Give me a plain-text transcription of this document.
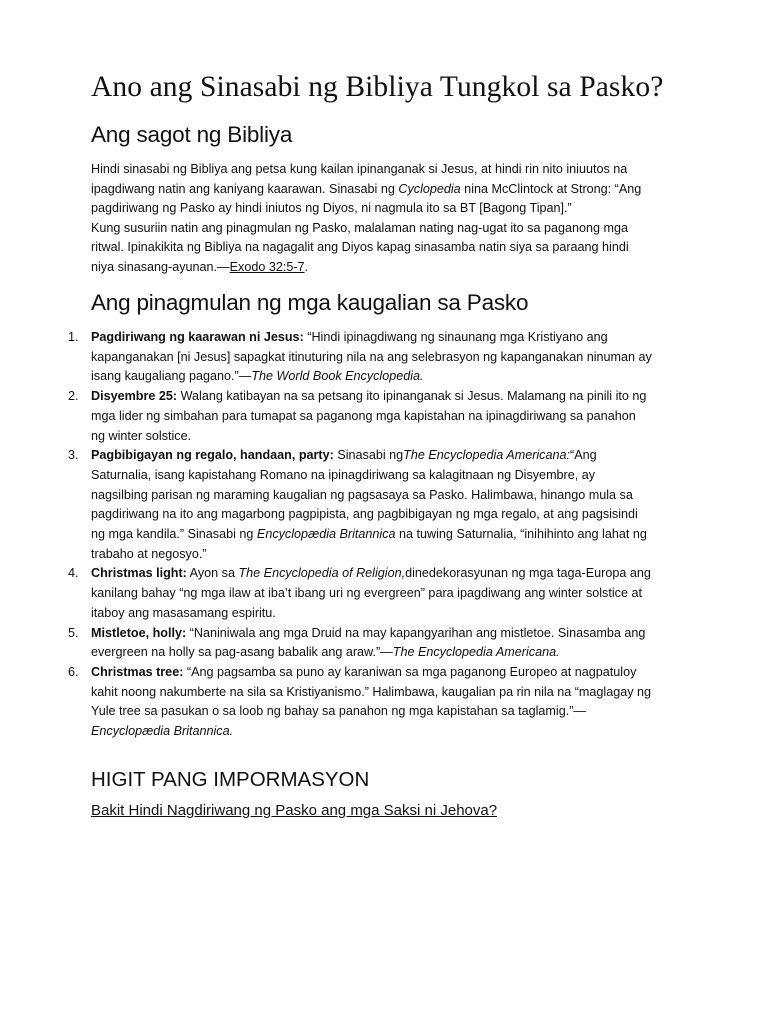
Ano ang Sinasabi ng Bibliya Tungkol sa Pasko?
Ang sagot ng Bibliya

Hindi sinasabi ng Bibliya ang petsa kung kailan ipinanganak si Jesus, at hindi rin nito iniuutos na
ipagdiwang natin ang kaniyang kaarawan. Sinasabi ng Cyclopedia nina McClintock at Strong: “Ang
pagdiriwang ng Pasko ay hindi iniutos ng Diyos, ni nagmula ito sa BT [Bagong Tipan].”
Kung susuriin natin ang pinagmulan ng Pasko, malalaman nating nag-ugat ito sa paganong mga
ritwal. Ipinakikita ng Bibliya na nagagalit ang Diyos kapag sinasamba natin siya sa paraang hindi
niya sinasang-ayunan.—Exodo 32:5-7.

Ang pinagmulan ng mga kaugalian sa Pasko
1. Pagdiriwang ng kaarawan ni Jesus: “Hindi ipinagdiwang ng sinaunang mga Kristiyano ang
kapanganakan [ni Jesus] sapagkat itinuturing nila na ang selebrasyon ng kapanganakan ninuman ay
isang kaugaliang pagano.”—The World Book Encyclopedia.
2. Disyembre 25: Walang katibayan na sa petsang ito ipinanganak si Jesus. Malamang na pinili ito ng
mga lider ng simbahan para tumapat sa paganong mga kapistahan na ipinagdiriwang sa panahon
ng winter solstice.
3. Pagbibigayan ng regalo, handaan, party: Sinasabi ngThe Encyclopedia Americana:“Ang
Saturnalia, isang kapistahang Romano na ipinagdiriwang sa kalagitnaan ng Disyembre, ay
nagsilbing parisan ng maraming kaugalian ng pagsasaya sa Pasko. Halimbawa, hinango mula sa
pagdiriwang na ito ang magarbong pagpipista, ang pagbibigayan ng mga regalo, at ang pagsisindi
ng mga kandila.” Sinasabi ng Encyclopædia Britannica na tuwing Saturnalia, “inihihinto ang lahat ng
trabaho at negosyo.”
4. Christmas light: Ayon sa The Encyclopedia of Religion,dinedekorasyunan ng mga taga-Europa ang
kanilang bahay “ng mga ilaw at iba’t ibang uri ng evergreen” para ipagdiwang ang winter solstice at
itaboy ang masasamang espiritu.
5. Mistletoe, holly: “Naniniwala ang mga Druid na may kapangyarihan ang mistletoe. Sinasamba ang
evergreen na holly sa pag-asang babalik ang araw.”—The Encyclopedia Americana.
6. Christmas tree: “Ang pagsamba sa puno ay karaniwan sa mga paganong Europeo at nagpatuloy
kahit noong nakumberte na sila sa Kristiyanismo.” Halimbawa, kaugalian pa rin nila na “maglagay ng
Yule tree sa pasukan o sa loob ng bahay sa panahon ng mga kapistahan sa taglamig.”—
Encyclopædia Britannica.
HIGIT PANG IMPORMASYON
Bakit Hindi Nagdiriwang ng Pasko ang mga Saksi ni Jehova?
